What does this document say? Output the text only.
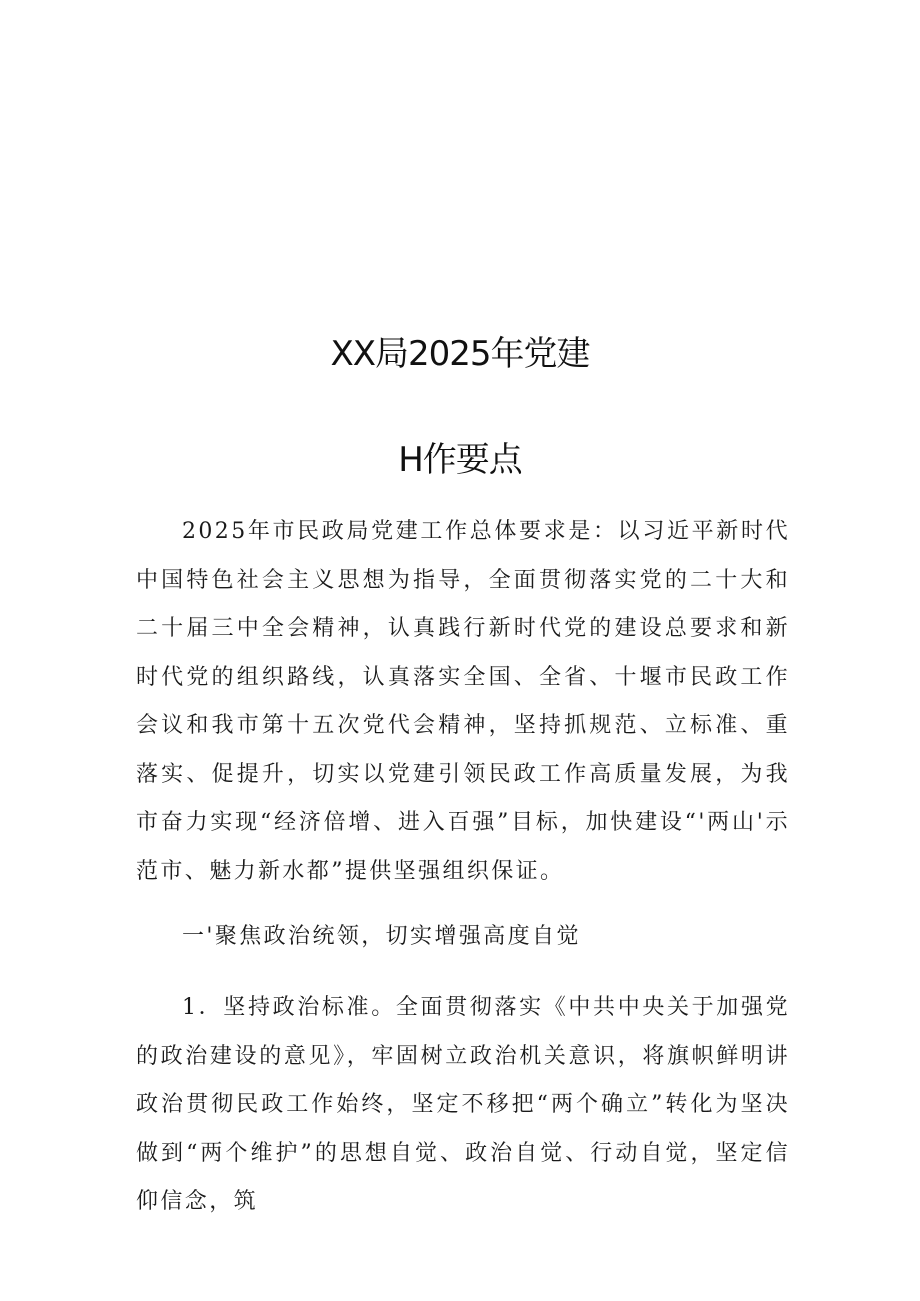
XX局2025年党建
H作要点

2025年市民政局党建工作总体要求是：以习近平新时代中国特色社会主义思想为指导，全面贯彻落实党的二十大和二十届三中全会精神，认真践行新时代党的建设总要求和新时代党的组织路线，认真落实全国、全省、十堰市民政工作会议和我市第十五次党代会精神，坚持抓规范、立标准、重落实、促提升，切实以党建引领民政工作高质量发展，为我市奋力实现“经济倍增、进入百强”目标，加快建设“'两山'示范市、魅力新水都”提供坚强组织保证。

一'聚焦政治统领，切实增强高度自觉

1．坚持政治标准。全面贯彻落实《中共中央关于加强党的政治建设的意见》，牢固树立政治机关意识，将旗帜鲜明讲政治贯彻民政工作始终，坚定不移把“两个确立”转化为坚决做到“两个维护”的思想自觉、政治自觉、行动自觉，坚定信仰信念，筑
